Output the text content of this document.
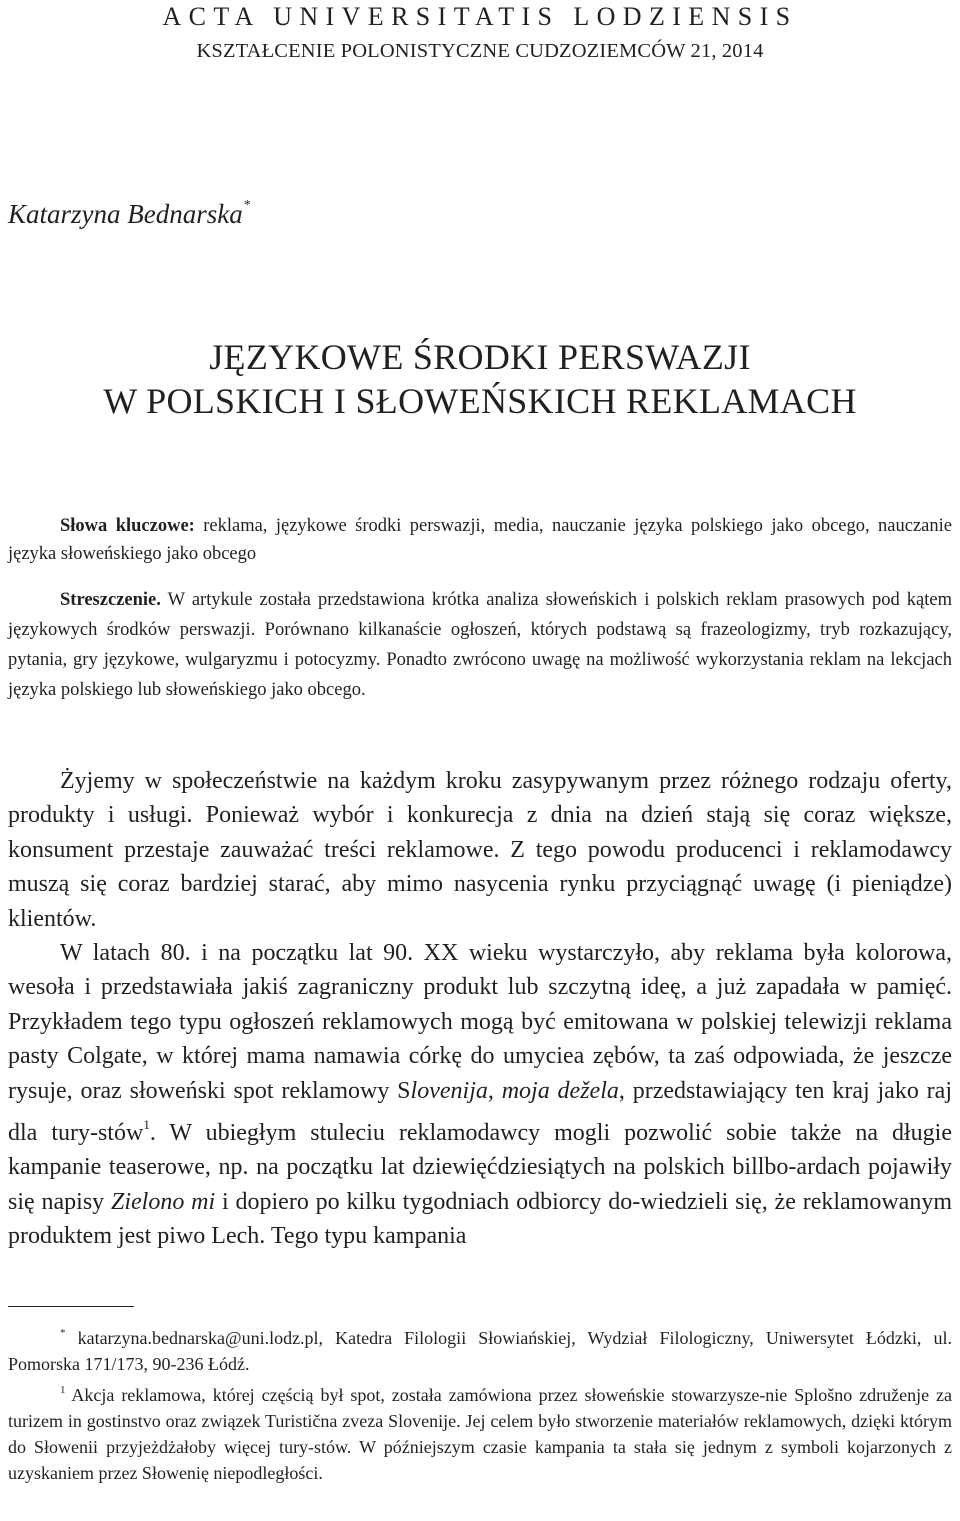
ACTA UNIVERSITATIS LODZIENSIS
KSZTAŁCENIE POLONISTYCZNE CUDZOZIEMCÓW 21, 2014
Katarzyna Bednarska*
JĘZYKOWE ŚRODKI PERSWAZJI
W POLSKICH I SŁOWEŃSKICH REKLAMACH
Słowa kluczowe: reklama, językowe środki perswazji, media, nauczanie języka polskiego jako obcego, nauczanie języka słoweńskiego jako obcego
Streszczenie. W artykule została przedstawiona krótka analiza słoweńskich i polskich reklam prasowych pod kątem językowych środków perswazji. Porównano kilkanaście ogłoszeń, których podstawą są frazeologizmy, tryb rozkazujący, pytania, gry językowe, wulgaryzmu i potocyzmy. Ponadto zwrócono uwagę na możliwość wykorzystania reklam na lekcjach języka polskiego lub słoweńskiego jako obcego.

Żyjemy w społeczeństwie na każdym kroku zasypywanym przez różnego rodzaju oferty, produkty i usługi. Ponieważ wybór i konkurecja z dnia na dzień stają się coraz większe, konsument przestaje zauważać treści reklamowe. Z tego powodu producenci i reklamodawcy muszą się coraz bardziej starać, aby mimo nasycenia rynku przyciągnąć uwagę (i pieniądze) klientów.

W latach 80. i na początku lat 90. XX wieku wystarczyło, aby reklama była kolorowa, wesoła i przedstawiała jakiś zagraniczny produkt lub szczytną ideę, a już zapadała w pamięć. Przykładem tego typu ogłoszeń reklamowych mogą być emitowana w polskiej telewizji reklama pasty Colgate, w której mama namawia córkę do umyciea zębów, ta zaś odpowiada, że jeszcze rysuje, oraz słoweński spot reklamowy Slovenija, moja dežela, przedstawiający ten kraj jako raj dla tury-stów$^1$. W ubiegłym stuleciu reklamodawcy mogli pozwolić sobie także na długie kampanie teaserowe, np. na początku lat dziewięćdziesiątych na polskich billbo-ardach pojawiły się napisy Zielono mi i dopiero po kilku tygodniach odbiorcy do-wiedzieli się, że reklamowanym produktem jest piwo Lech. Tego typu kampania

* katarzyna.bednarska@uni.lodz.pl, Katedra Filologii Słowiańskiej, Wydział Filologiczny, Uniwersytet Łódzki, ul. Pomorska 171/173, 90-236 Łódź.

$^1$ Akcja reklamowa, której częścią był spot, została zamówiona przez słoweńskie stowarzysze-nie Splošno združenje za turizem in gostinstvo oraz związek Turistična zveza Slovenije. Jej celem było stworzenie materiałów reklamowych, dzięki którym do Słowenii przyjeżdżałoby więcej tury-stów. W późniejszym czasie kampania ta stała się jednym z symboli kojarzonych z uzyskaniem przez Słowenię niepodległości.
